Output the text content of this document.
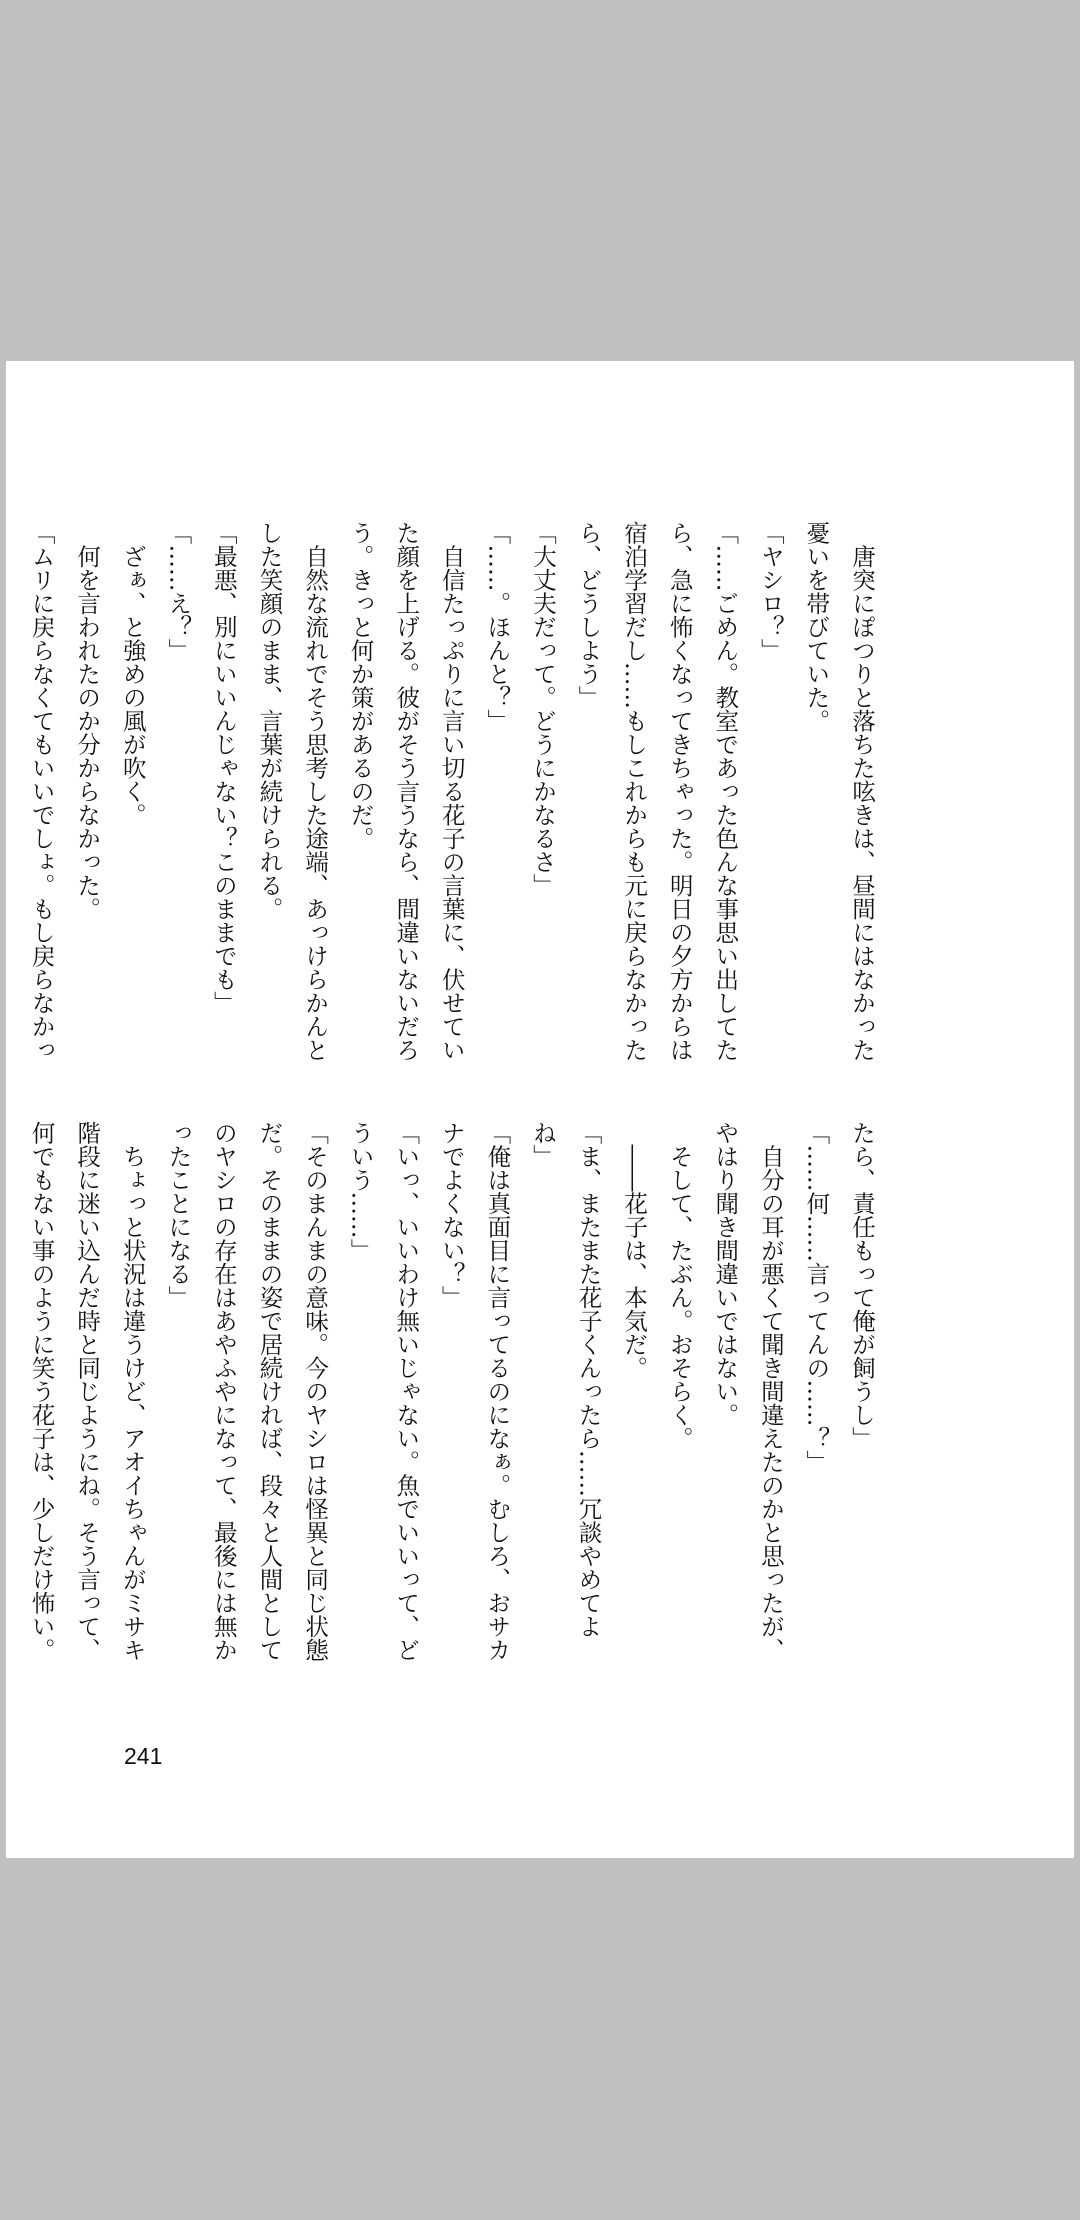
　唐突にぽつりと落ちた呟きは、昼間にはなかった
憂いを帯びていた。
「ヤシロ？」
「……ごめん。教室であった色んな事思い出してた
ら、急に怖くなってきちゃった。明日の夕方からは
宿泊学習だし……もしこれからも元に戻らなかった
ら、どうしよう」
「大丈夫だって。どうにかなるさ」
「……。ほんと？」
　自信たっぷりに言い切る花子の言葉に、伏せてい
た顔を上げる。彼がそう言うなら、間違いないだろ
う。きっと何か策があるのだ。
　自然な流れでそう思考した途端、あっけらかんと
した笑顔のまま、言葉が続けられる。
「最悪、別にいいんじゃない？このままでも」
「……え？」
　ざぁ、と強めの風が吹く。
　何を言われたのか分からなかった。
「ムリに戻らなくてもいいでしょ。もし戻らなかっ
たら、責任もって俺が飼うし」
「……何……言ってんの……？」
　自分の耳が悪くて聞き間違えたのかと思ったが、
やはり聞き間違いではない。
　そして、たぶん。おそらく。
　――花子は、本気だ。
「ま、またまた花子くんったら……冗談やめてよ
ね」
「俺は真面目に言ってるのになぁ。むしろ、おサカ
ナでよくない？」
「いっ、いいわけ無いじゃない。魚でいいって、ど
ういう……」
「そのまんまの意味。今のヤシロは怪異と同じ状態
だ。そのままの姿で居続ければ、段々と人間として
のヤシロの存在はあやふやになって、最後には無か
ったことになる」
　ちょっと状況は違うけど、アオイちゃんがミサキ
階段に迷い込んだ時と同じようにね。そう言って、
何でもない事のように笑う花子は、少しだけ怖い。
241
